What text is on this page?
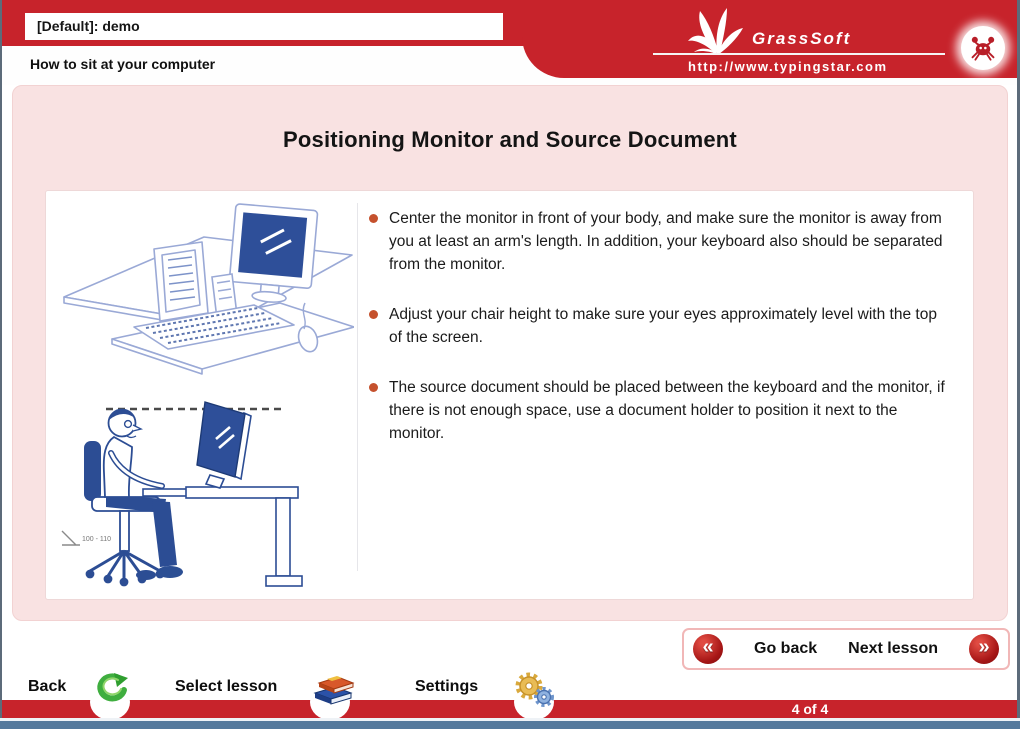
[Default]: demo
How to sit at your computer
GrassSoft
http://www.typingstar.com
Positioning Monitor and Source Document
100 - 110
Center the monitor in front of your body, and make sure the monitor is away from you at least an arm's length. In addition, your keyboard also should be separated from the monitor.
Adjust your chair height to make sure your eyes approximately level with the top of the screen.
The source document should be placed between the keyboard and the monitor, if there is not enough space, use a document holder to position it next to the monitor.
«	Go back Next lesson	»
Back	Select lesson	Settings
4 of 4
